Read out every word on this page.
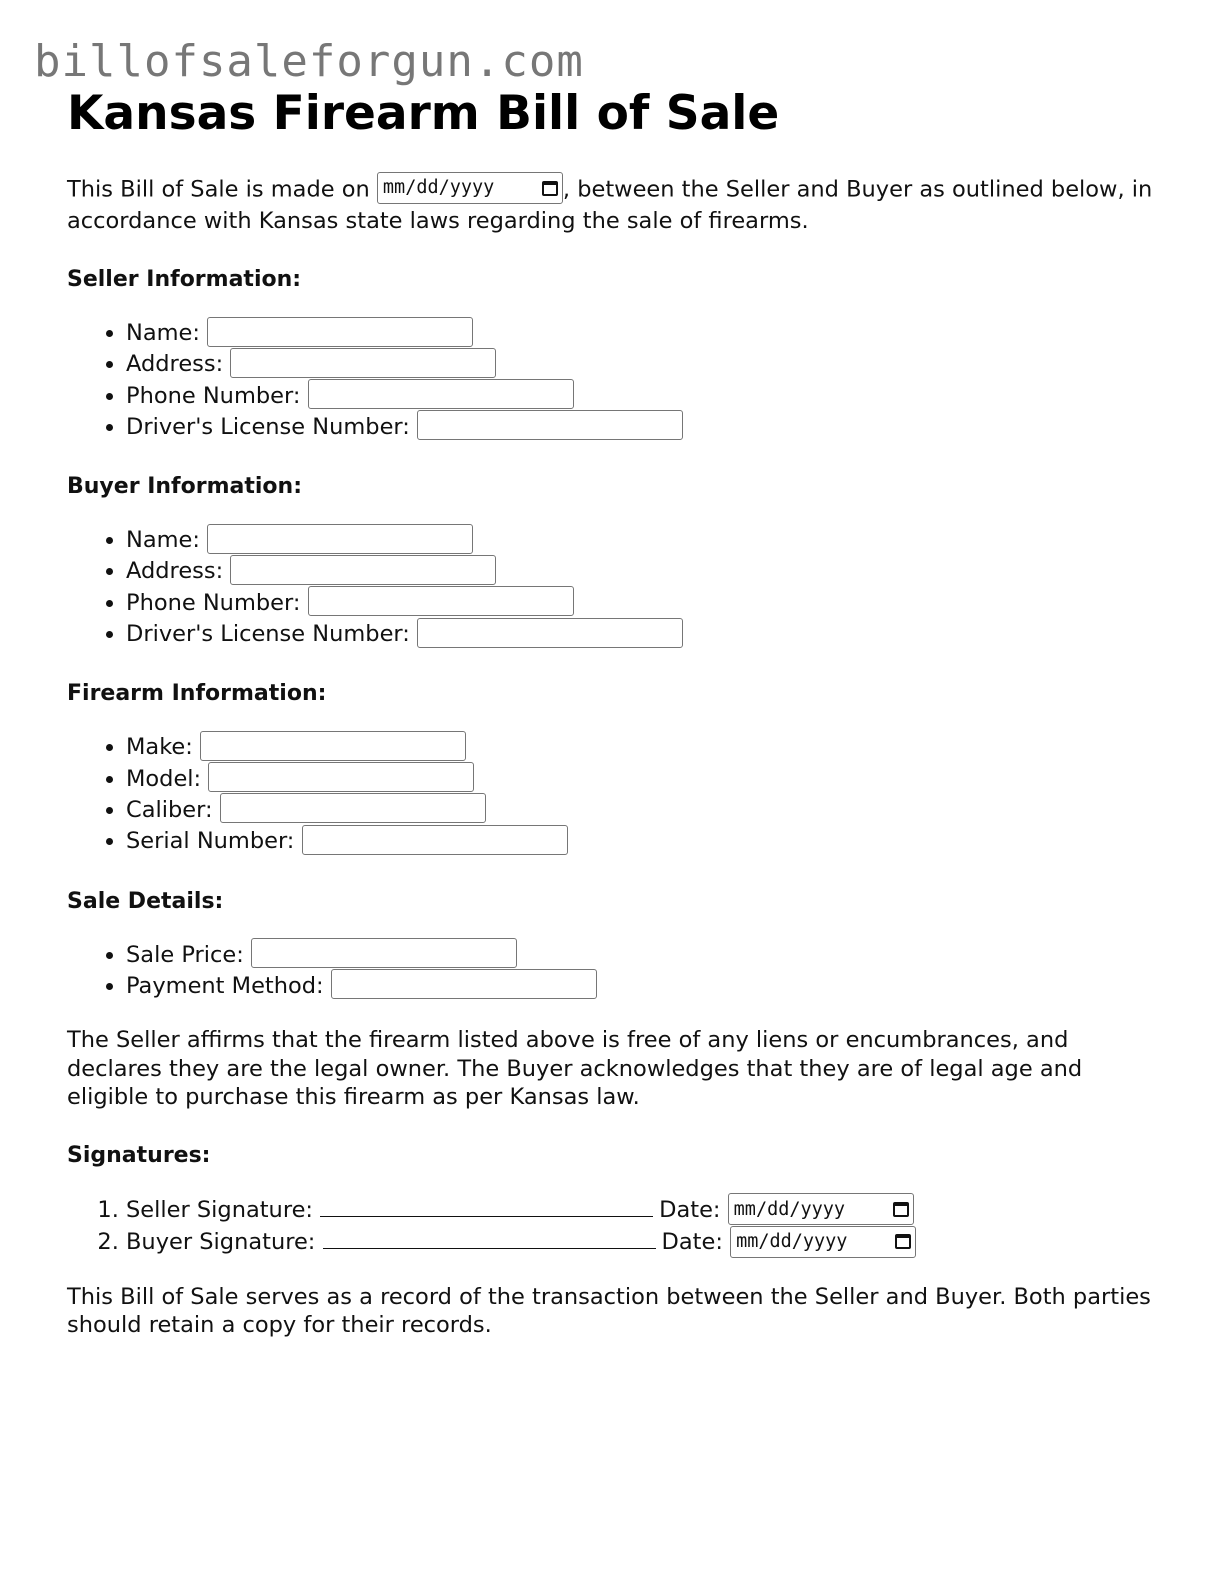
billofsaleforgun.com
Kansas Firearm Bill of Sale

This Bill of Sale is made on mm/dd/yyyy	, between the Seller and Buyer as outlined below, in accordance with Kansas state laws regarding the sale of firearms.

Seller Information:
• Name:
• Address:
• Phone Number:
• Driver's License Number:
Buyer Information:
• Name:
• Address:
• Phone Number:
• Driver's License Number:
Firearm Information:
• Make:
• Model:
• Caliber:
• Serial Number:
Sale Details:
• Sale Price:
• Payment Method:

The Seller affirms that the firearm listed above is free of any liens or encumbrances, and declares they are the legal owner. The Buyer acknowledges that they are of legal age and eligible to purchase this firearm as per Kansas law.

Signatures:
1. Seller Signature:	Date: mm/dd/yyyy
2. Buyer Signature:	Date: mm/dd/yyyy

This Bill of Sale serves as a record of the transaction between the Seller and Buyer. Both parties should retain a copy for their records.
